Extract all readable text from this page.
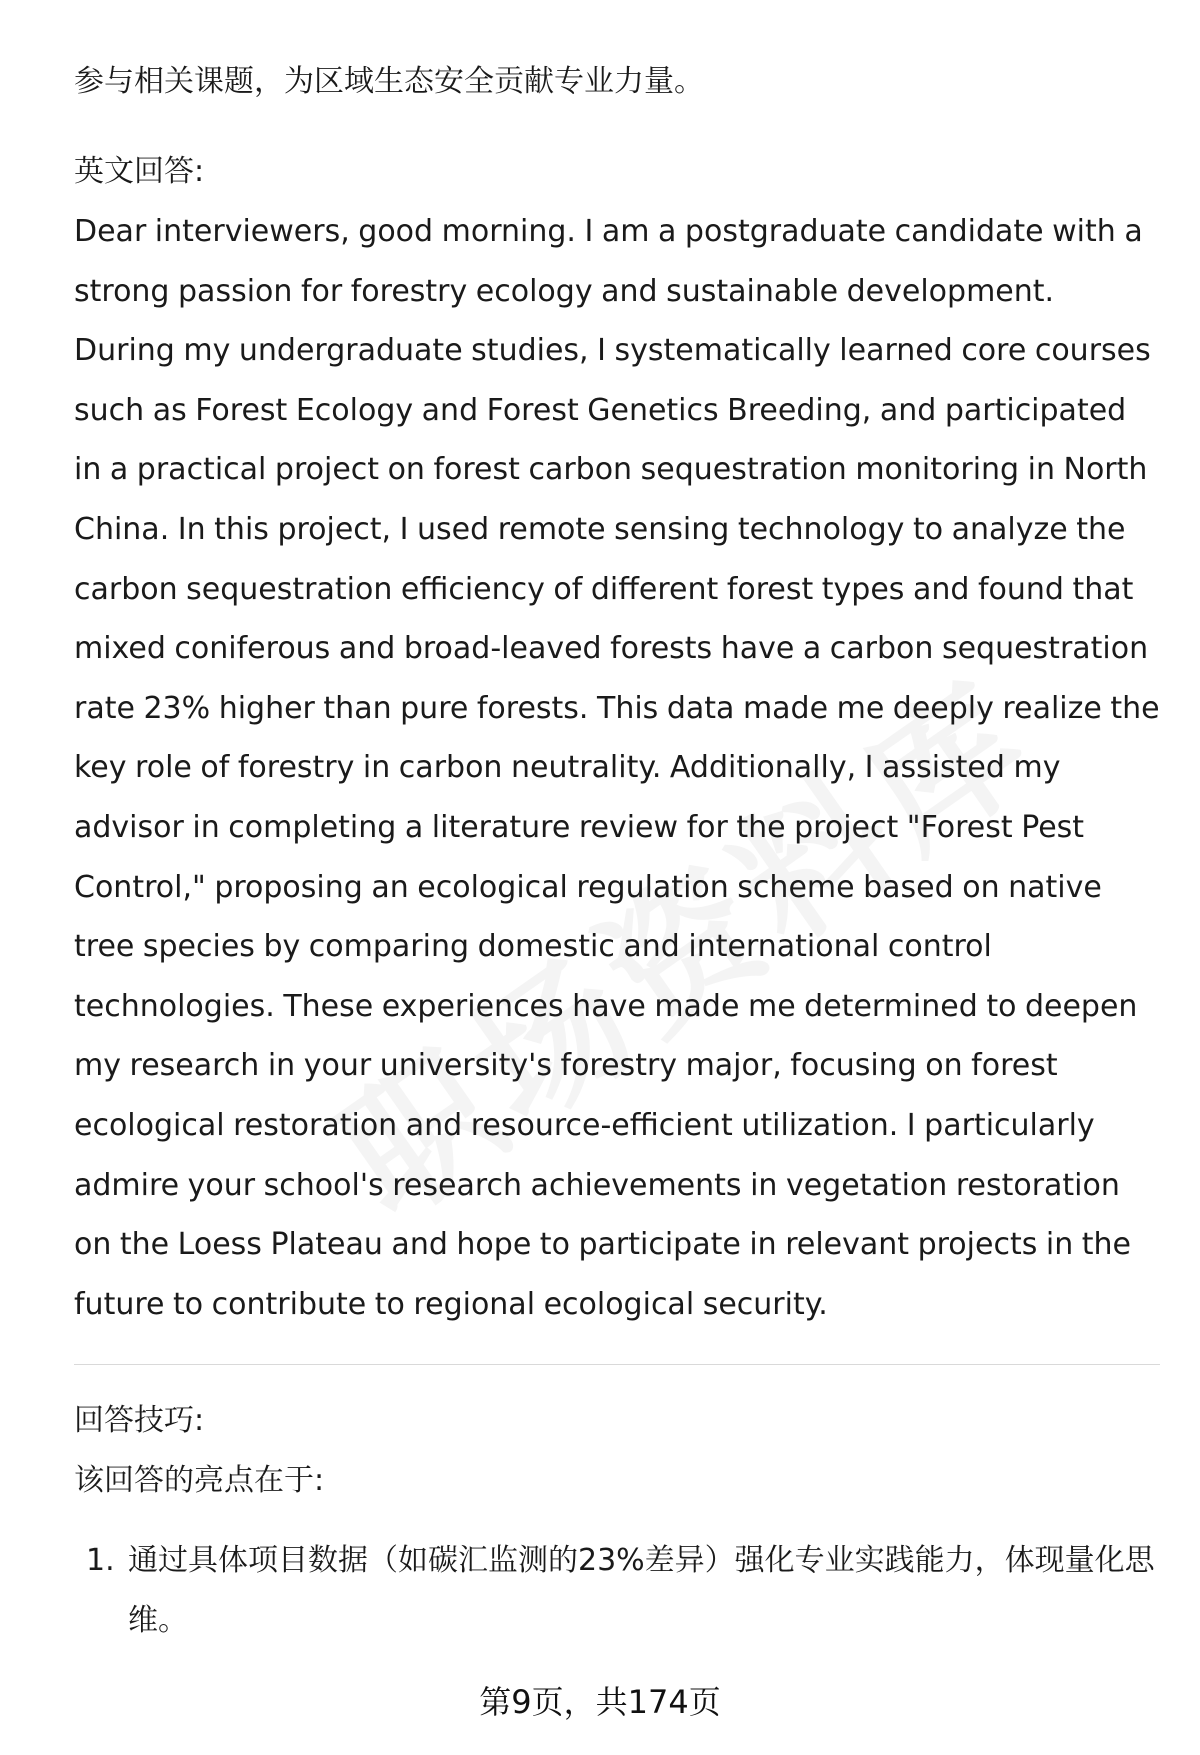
参与相关课题，为区域生态安全贡献专业力量。

英文回答:

Dear interviewers, good morning. I am a postgraduate candidate with a strong passion for forestry ecology and sustainable development. During my undergraduate studies, I systematically learned core courses such as Forest Ecology and Forest Genetics Breeding, and participated in a practical project on forest carbon sequestration monitoring in North China. In this project, I used remote sensing technology to analyze the carbon sequestration efficiency of different forest types and found that mixed coniferous and broad-leaved forests have a carbon sequestration rate 23% higher than pure forests. This data made me deeply realize the key role of forestry in carbon neutrality. Additionally, I assisted my advisor in completing a literature review for the project "Forest Pest Control," proposing an ecological regulation scheme based on native tree species by comparing domestic and international control technologies. These experiences have made me determined to deepen my research in your university's forestry major, focusing on forest ecological restoration and resource-efficient utilization. I particularly admire your school's research achievements in vegetation restoration on the Loess Plateau and hope to participate in relevant projects in the future to contribute to regional ecological security.

回答技巧:

该回答的亮点在于:

1. 通过具体项目数据（如碳汇监测的23%差异）强化专业实践能力，体现量化思维。
第9页，共174页
